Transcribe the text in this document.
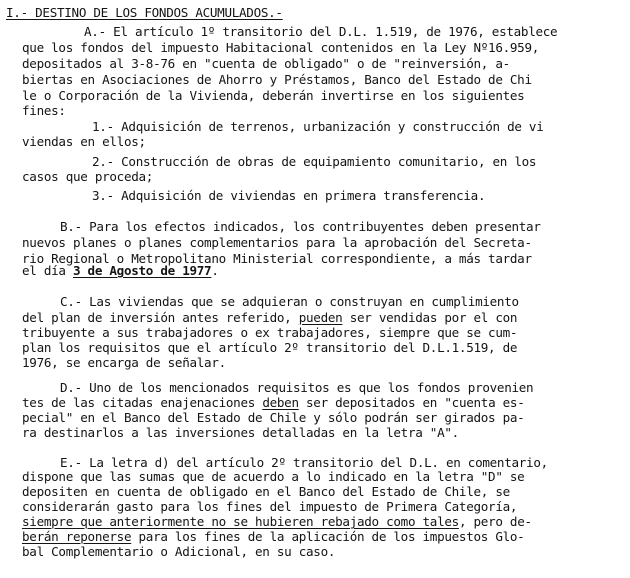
I.- DESTINO DE LOS FONDOS ACUMULADOS.-
A.- El artículo 1º transitorio del D.L. 1.519, de 1976, establece
que los fondos del impuesto Habitacional contenidos en la Ley Nº16.959,
depositados al 3-8-76 en "cuenta de obligado" o de "reinversión, a-
biertas en Asociaciones de Ahorro y Préstamos, Banco del Estado de Chi
le o Corporación de la Vivienda, deberán invertirse en los siguientes
fines:
1.- Adquisición de terrenos, urbanización y construcción de vi
viendas en ellos;
2.- Construcción de obras de equipamiento comunitario, en los
casos que proceda;
3.- Adquisición de viviendas en primera transferencia.
B.- Para los efectos indicados, los contribuyentes deben presentar
nuevos planes o planes complementarios para la aprobación del Secreta-
rio Regional o Metropolitano Ministerial correspondiente, a más tardar
el día 3 de Agosto de 1977.
C.- Las viviendas que se adquieran o construyan en cumplimiento
del plan de inversión antes referido, pueden ser vendidas por el con
tribuyente a sus trabajadores o ex trabajadores, siempre que se cum-
plan los requisitos que el artículo 2º transitorio del D.L.1.519, de
1976, se encarga de señalar.
D.- Uno de los mencionados requisitos es que los fondos provenien
tes de las citadas enajenaciones deben ser depositados en "cuenta es-
pecial" en el Banco del Estado de Chile y sólo podrán ser girados pa-
ra destinarlos a las inversiones detalladas en la letra "A".
E.- La letra d) del artículo 2º transitorio del D.L. en comentario,
dispone que las sumas que de acuerdo a lo indicado en la letra "D" se
depositen en cuenta de obligado en el Banco del Estado de Chile, se
considerarán gasto para los fines del impuesto de Primera Categoría,
siempre que anteriormente no se hubieren rebajado como tales, pero de-
berán reponerse para los fines de la aplicación de los impuestos Glo-
bal Complementario o Adicional, en su caso.
